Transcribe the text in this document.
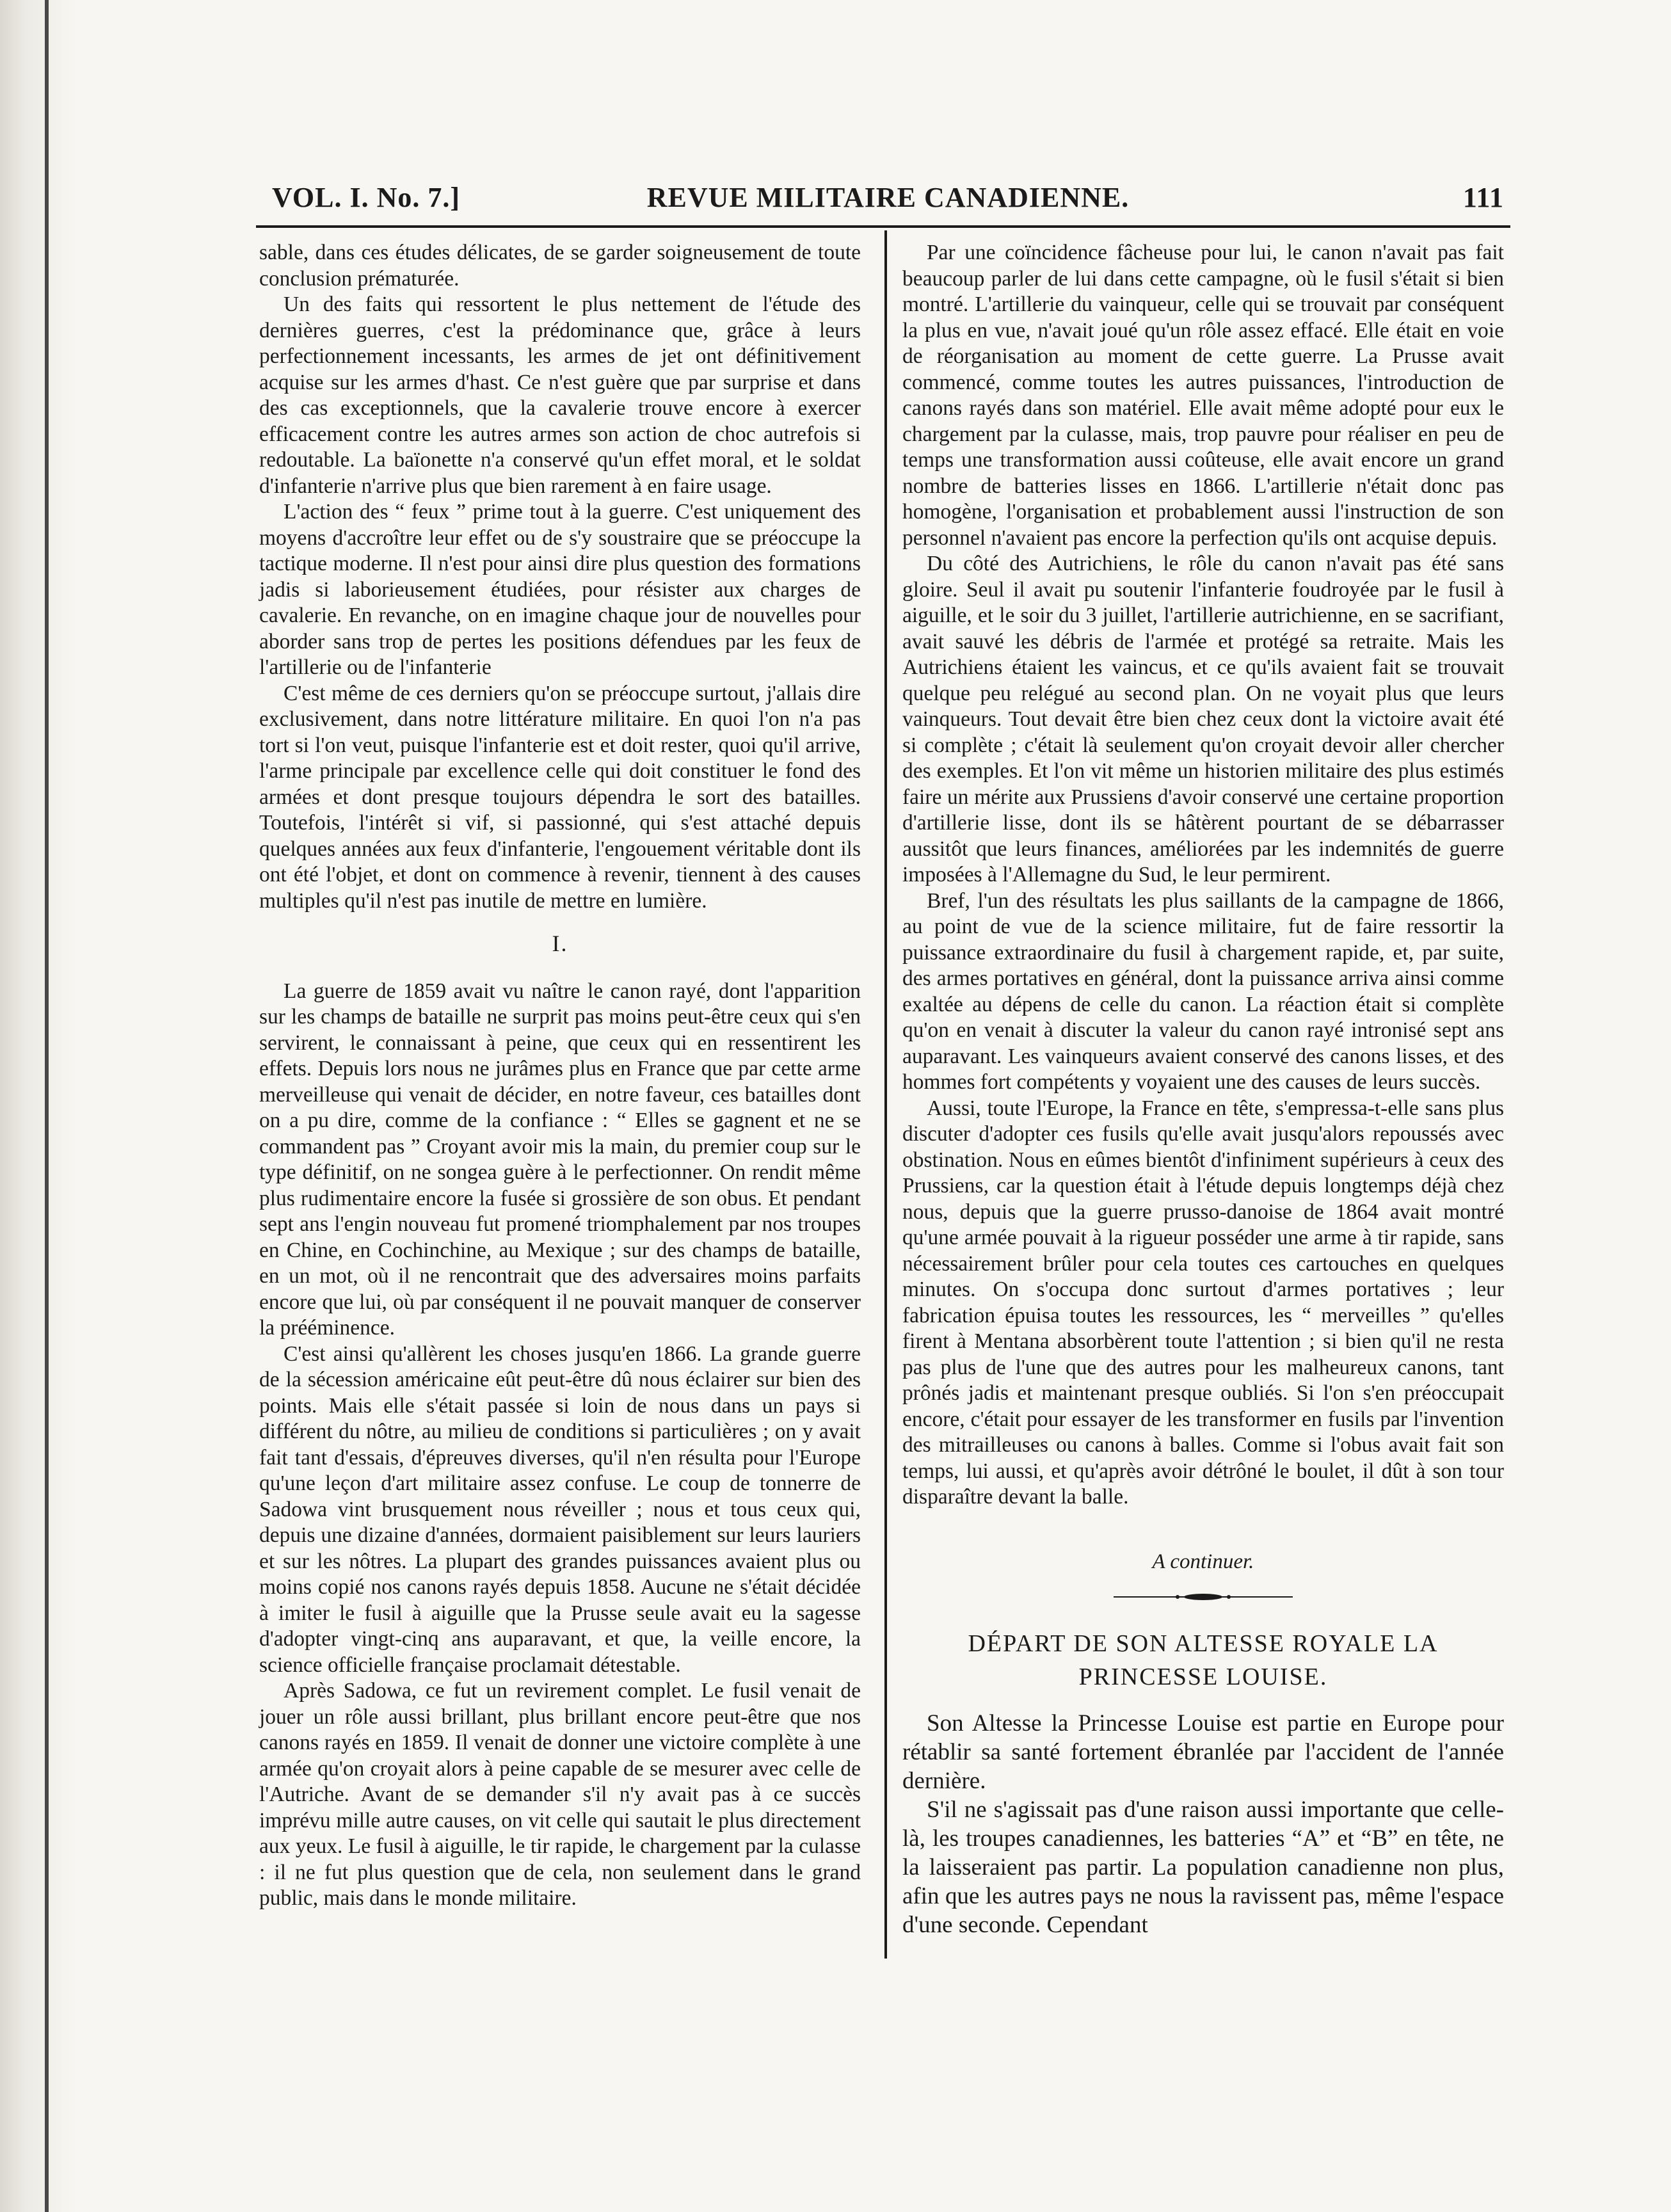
VOL. I. No. 7.]	REVUE MILITAIRE CANADIENNE.	111

sable, dans ces études délicates, de se garder soigneusement de toute conclusion prématurée.

Un des faits qui ressortent le plus nettement de l'étude des dernières guerres, c'est la prédominance que, grâce à leurs perfectionnement incessants, les armes de jet ont définitivement acquise sur les armes d'hast. Ce n'est guère que par surprise et dans des cas exceptionnels, que la cavalerie trouve encore à exercer efficacement contre les autres armes son action de choc autrefois si redoutable. La baïonette n'a conservé qu'un effet moral, et le soldat d'infanterie n'arrive plus que bien rarement à en faire usage.

L'action des “ feux ” prime tout à la guerre. C'est uniquement des moyens d'accroître leur effet ou de s'y soustraire que se préoccupe la tactique moderne. Il n'est pour ainsi dire plus question des formations jadis si laborieusement étudiées, pour résister aux charges de cavalerie. En revanche, on en imagine chaque jour de nouvelles pour aborder sans trop de pertes les positions défendues par les feux de l'artillerie ou de l'infanterie

C'est même de ces derniers qu'on se préoccupe surtout, j'allais dire exclusivement, dans notre littérature militaire. En quoi l'on n'a pas tort si l'on veut, puisque l'infanterie est et doit rester, quoi qu'il arrive, l'arme principale par excellence celle qui doit constituer le fond des armées et dont presque toujours dépendra le sort des batailles. Toutefois, l'intérêt si vif, si passionné, qui s'est attaché depuis quelques années aux feux d'infanterie, l'engouement véritable dont ils ont été l'objet, et dont on commence à revenir, tiennent à des causes multiples qu'il n'est pas inutile de mettre en lumière.

I.

La guerre de 1859 avait vu naître le canon rayé, dont l'apparition sur les champs de bataille ne surprit pas moins peut-être ceux qui s'en servirent, le connaissant à peine, que ceux qui en ressentirent les effets. Depuis lors nous ne jurâmes plus en France que par cette arme merveilleuse qui venait de décider, en notre faveur, ces batailles dont on a pu dire, comme de la confiance : “ Elles se gagnent et ne se commandent pas ” Croyant avoir mis la main, du premier coup sur le type définitif, on ne songea guère à le perfectionner. On rendit même plus rudimentaire encore la fusée si grossière de son obus. Et pendant sept ans l'engin nouveau fut promené triomphalement par nos troupes en Chine, en Cochinchine, au Mexique ; sur des champs de bataille, en un mot, où il ne rencontrait que des adversaires moins parfaits encore que lui, où par conséquent il ne pouvait manquer de conserver la prééminence.

C'est ainsi qu'allèrent les choses jusqu'en 1866. La grande guerre de la sécession américaine eût peut-être dû nous éclairer sur bien des points. Mais elle s'était passée si loin de nous dans un pays si différent du nôtre, au milieu de conditions si particulières ; on y avait fait tant d'essais, d'épreuves diverses, qu'il n'en résulta pour l'Europe qu'une leçon d'art militaire assez confuse. Le coup de tonnerre de Sadowa vint brusquement nous réveiller ; nous et tous ceux qui, depuis une dizaine d'années, dormaient paisiblement sur leurs lauriers et sur les nôtres. La plupart des grandes puissances avaient plus ou moins copié nos canons rayés depuis 1858. Aucune ne s'était décidée à imiter le fusil à aiguille que la Prusse seule avait eu la sagesse d'adopter vingt-cinq ans auparavant, et que, la veille encore, la science officielle française proclamait détestable.

Après Sadowa, ce fut un revirement complet. Le fusil venait de jouer un rôle aussi brillant, plus brillant encore peut-être que nos canons rayés en 1859. Il venait de donner une victoire complète à une armée qu'on croyait alors à peine capable de se mesurer avec celle de l'Autriche. Avant de se demander s'il n'y avait pas à ce succès imprévu mille autre causes, on vit celle qui sautait le plus directement aux yeux. Le fusil à aiguille, le tir rapide, le chargement par la culasse : il ne fut plus question que de cela, non seulement dans le grand public, mais dans le monde militaire.

Par une coïncidence fâcheuse pour lui, le canon n'avait pas fait beaucoup parler de lui dans cette campagne, où le fusil s'était si bien montré. L'artillerie du vainqueur, celle qui se trouvait par conséquent la plus en vue, n'avait joué qu'un rôle assez effacé. Elle était en voie de réorganisation au moment de cette guerre. La Prusse avait commencé, comme toutes les autres puissances, l'introduction de canons rayés dans son matériel. Elle avait même adopté pour eux le chargement par la culasse, mais, trop pauvre pour réaliser en peu de temps une transformation aussi coûteuse, elle avait encore un grand nombre de batteries lisses en 1866. L'artillerie n'était donc pas homogène, l'organisation et probablement aussi l'instruction de son personnel n'avaient pas encore la perfection qu'ils ont acquise depuis.

Du côté des Autrichiens, le rôle du canon n'avait pas été sans gloire. Seul il avait pu soutenir l'infanterie foudroyée par le fusil à aiguille, et le soir du 3 juillet, l'artillerie autrichienne, en se sacrifiant, avait sauvé les débris de l'armée et protégé sa retraite. Mais les Autrichiens étaient les vaincus, et ce qu'ils avaient fait se trouvait quelque peu relégué au second plan. On ne voyait plus que leurs vainqueurs. Tout devait être bien chez ceux dont la victoire avait été si complète ; c'était là seulement qu'on croyait devoir aller chercher des exemples. Et l'on vit même un historien militaire des plus estimés faire un mérite aux Prussiens d'avoir conservé une certaine proportion d'artillerie lisse, dont ils se hâtèrent pourtant de se débarrasser aussitôt que leurs finances, améliorées par les indemnités de guerre imposées à l'Allemagne du Sud, le leur permirent.

Bref, l'un des résultats les plus saillants de la campagne de 1866, au point de vue de la science militaire, fut de faire ressortir la puissance extraordinaire du fusil à chargement rapide, et, par suite, des armes portatives en général, dont la puissance arriva ainsi comme exaltée au dépens de celle du canon. La réaction était si complète qu'on en venait à discuter la valeur du canon rayé intronisé sept ans auparavant. Les vainqueurs avaient conservé des canons lisses, et des hommes fort compétents y voyaient une des causes de leurs succès.

Aussi, toute l'Europe, la France en tête, s'empressa-t-elle sans plus discuter d'adopter ces fusils qu'elle avait jusqu'alors repoussés avec obstination. Nous en eûmes bientôt d'infiniment supérieurs à ceux des Prussiens, car la question était à l'étude depuis longtemps déjà chez nous, depuis que la guerre prusso-danoise de 1864 avait montré qu'une armée pouvait à la rigueur posséder une arme à tir rapide, sans nécessairement brûler pour cela toutes ces cartouches en quelques minutes. On s'occupa donc surtout d'armes portatives ; leur fabrication épuisa toutes les ressources, les “ merveilles ” qu'elles firent à Mentana absorbèrent toute l'attention ; si bien qu'il ne resta pas plus de l'une que des autres pour les malheureux canons, tant prônés jadis et maintenant presque oubliés. Si l'on s'en préoccupait encore, c'était pour essayer de les transformer en fusils par l'invention des mitrailleuses ou canons à balles. Comme si l'obus avait fait son temps, lui aussi, et qu'après avoir détrôné le boulet, il dût à son tour disparaître devant la balle.

A continuer.
DÉPART DE SON ALTESSE ROYALE LA
PRINCESSE LOUISE.

Son Altesse la Princesse Louise est partie en Europe pour rétablir sa santé fortement ébranlée par l'accident de l'année dernière.

S'il ne s'agissait pas d'une raison aussi importante que celle-là, les troupes canadiennes, les batteries “A” et “B” en tête, ne la laisseraient pas partir. La population canadienne non plus, afin que les autres pays ne nous la ravissent pas, même l'espace d'une seconde. Cependant
